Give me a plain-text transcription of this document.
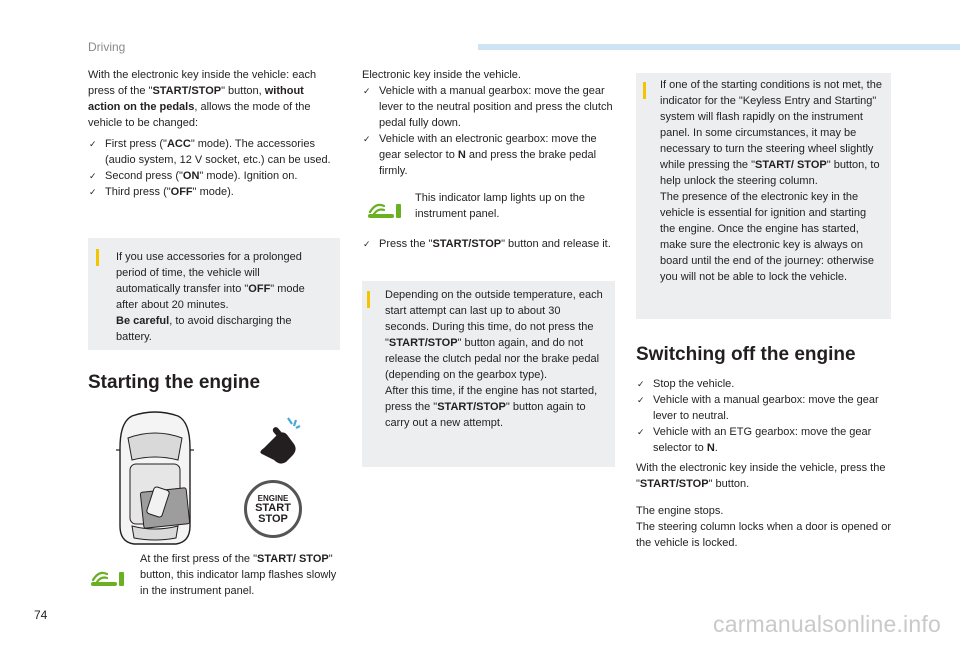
Driving
With the electronic key inside the vehicle: each press of the "START/STOP" button, without action on the pedals, allows the mode of the vehicle to be changed:
✓ First press ("ACC" mode). The accessories (audio system, 12 V socket, etc.) can be used.
✓ Second press ("ON" mode). Ignition on.
✓ Third press ("OFF" mode).
If you use accessories for a prolonged period of time, the vehicle will automatically transfer into "OFF" mode after about 20 minutes.
Be careful, to avoid discharging the battery.
Starting the engine
ENGINE
START
STOP
At the first press of the "START/ STOP" button, this indicator lamp flashes slowly in the instrument panel.
Electronic key inside the vehicle.
✓ Vehicle with a manual gearbox: move the gear lever to the neutral position and press the clutch pedal fully down.
✓ Vehicle with an electronic gearbox: move the gear selector to N and press the brake pedal firmly.
This indicator lamp lights up on the instrument panel.
✓ Press the "START/STOP" button and release it.
Depending on the outside temperature, each start attempt can last up to about 30 seconds. During this time, do not press the "START/STOP" button again, and do not release the clutch pedal nor the brake pedal (depending on the gearbox type).
After this time, if the engine has not started, press the "START/STOP" button again to carry out a new attempt.
If one of the starting conditions is not met, the indicator for the "Keyless Entry and Starting" system will flash rapidly on the instrument panel. In some circumstances, it may be necessary to turn the steering wheel slightly while pressing the "START/ STOP" button, to help unlock the steering column.
The presence of the electronic key in the vehicle is essential for ignition and starting the engine. Once the engine has started, make sure the electronic key is always on board until the end of the journey: otherwise you will not be able to lock the vehicle.
Switching off the engine
✓ Stop the vehicle.
✓ Vehicle with a manual gearbox: move the gear lever to neutral.
✓ Vehicle with an ETG gearbox: move the gear selector to N.
With the electronic key inside the vehicle, press the "START/STOP" button.
The engine stops.
The steering column locks when a door is opened or the vehicle is locked.
74	carmanualsonline.info
